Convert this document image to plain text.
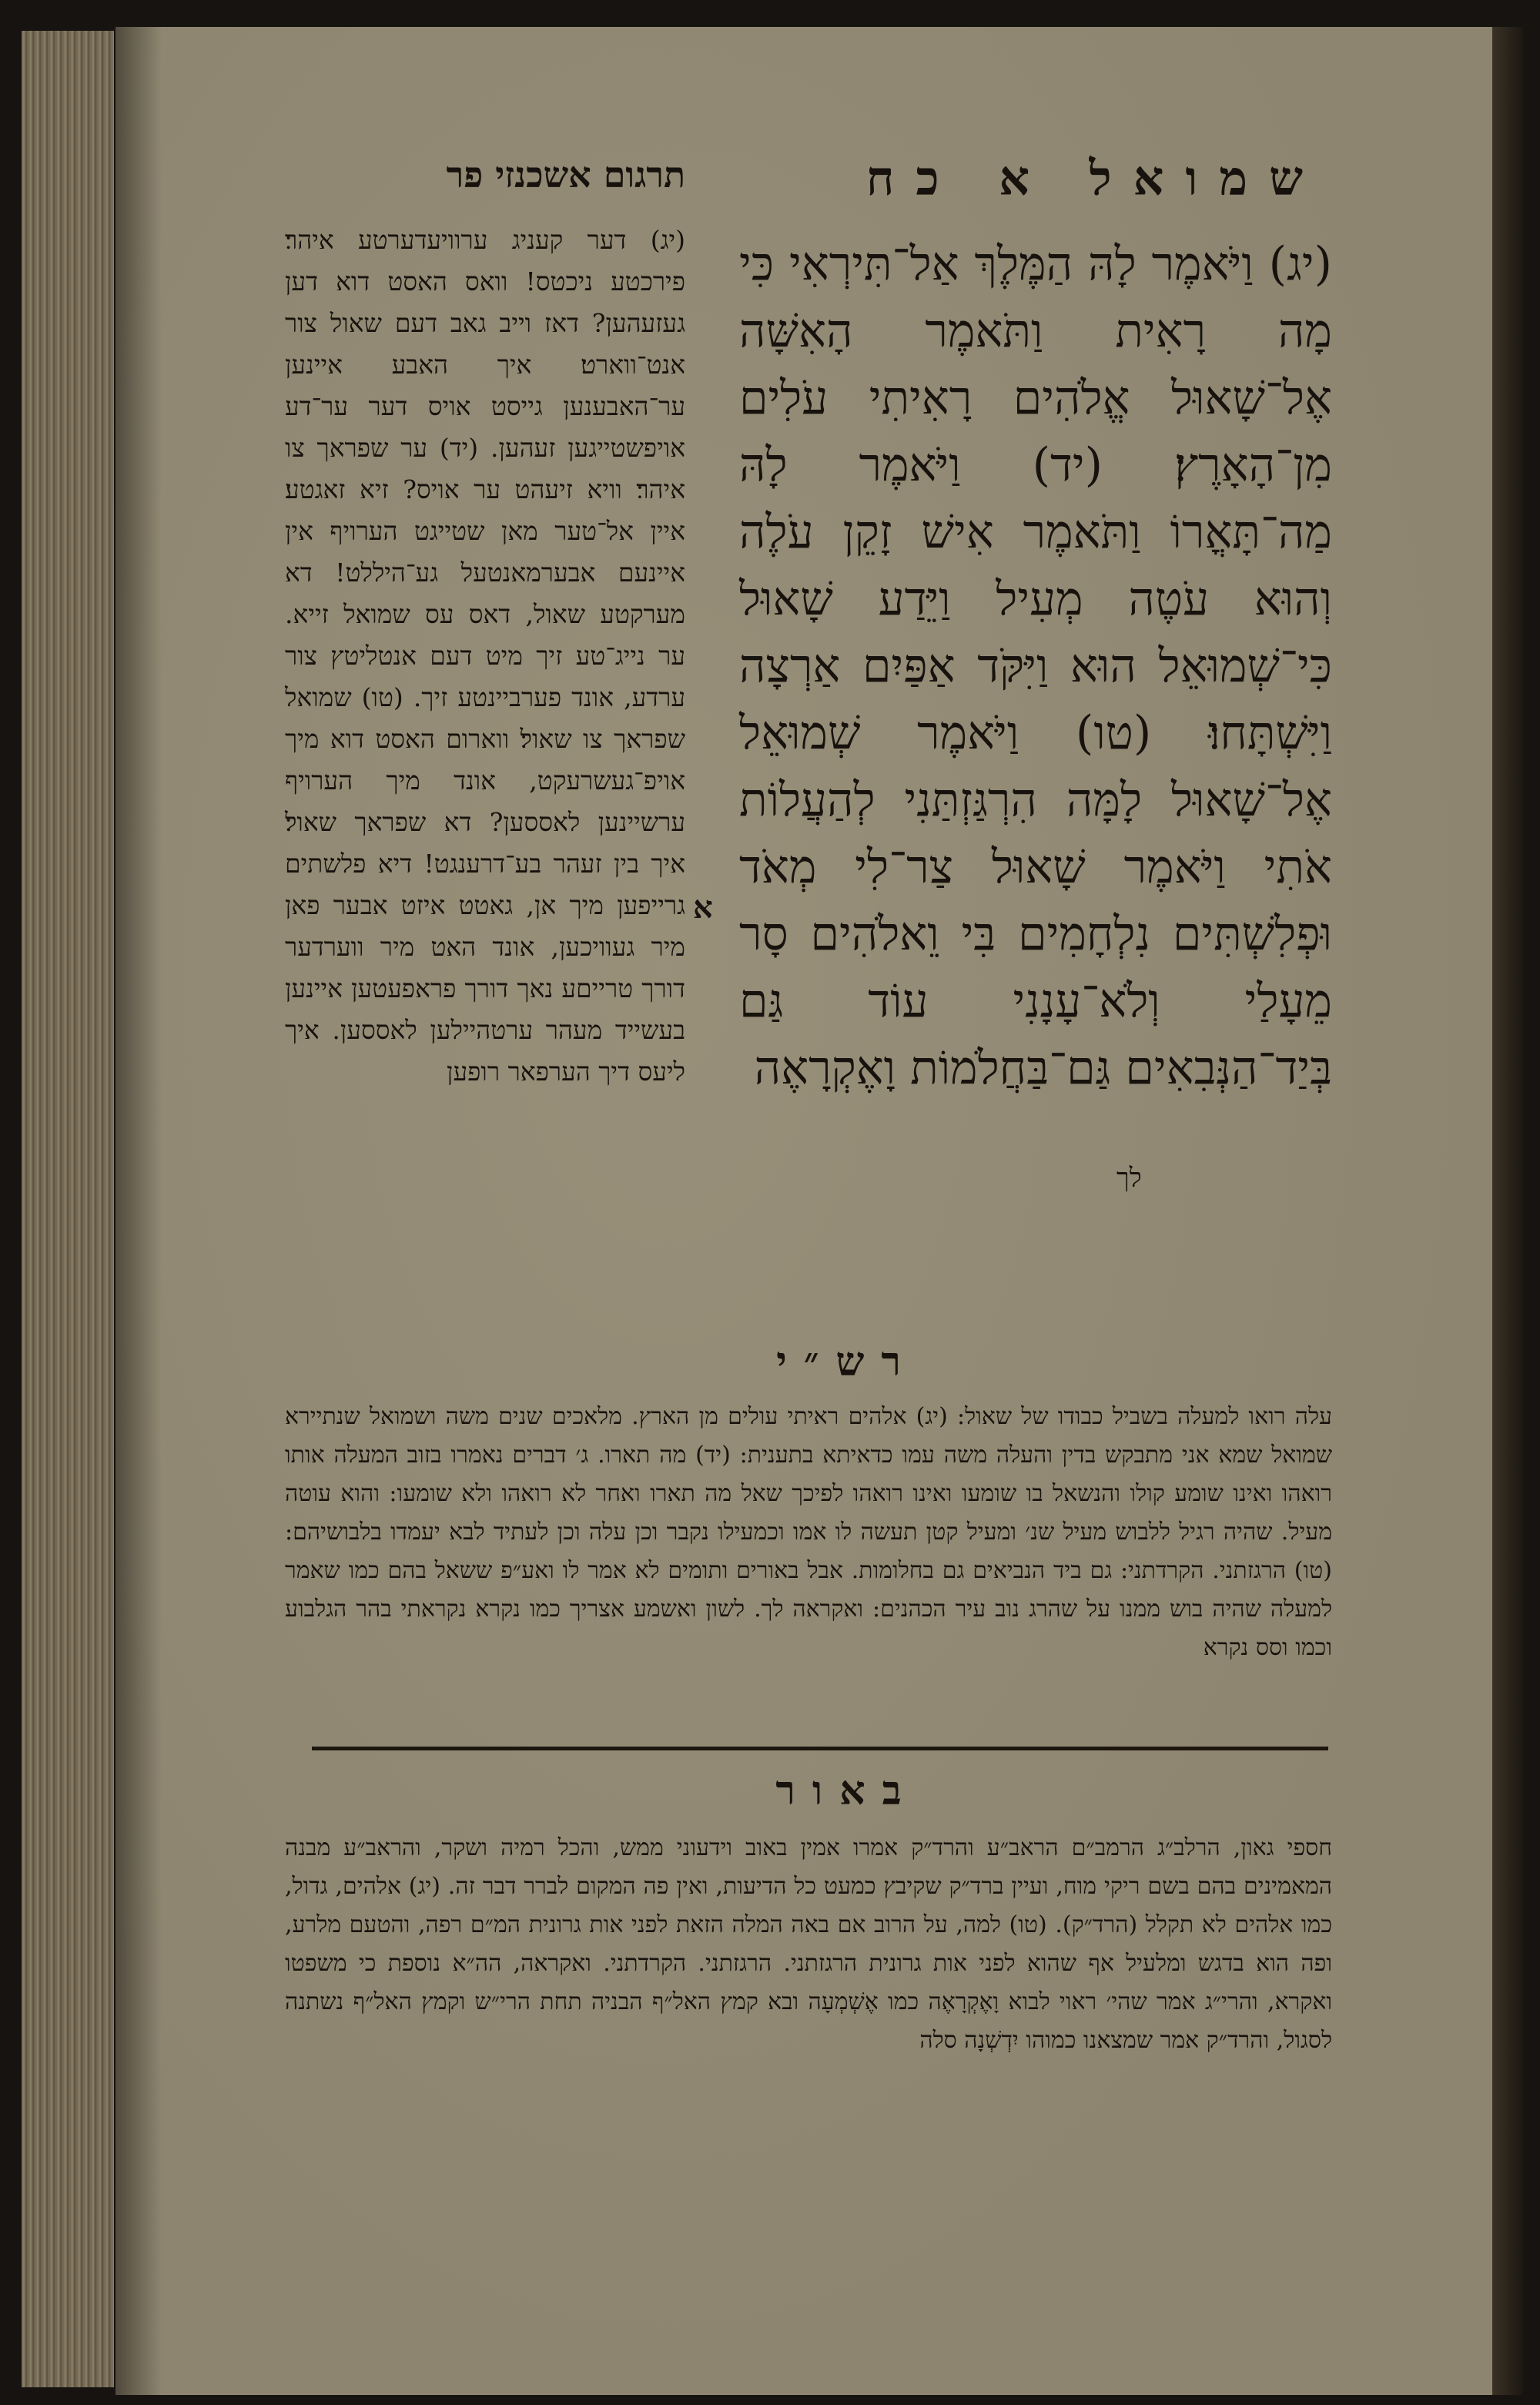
שמואל א כח
תרגום אשכנזי פר
(יג) וַיֹּאמֶר לָהּ הַמֶּלֶךְ אַל־תִּירְאִי כִּי מָה רָאִית וַתֹּאמֶר הָאִשָּׁה אֶל־שָׁאוּל אֱלֹהִים רָאִיתִי עֹלִים מִן־הָאָרֶץ׃ (יד) וַיֹּאמֶר לָהּ מַה־תָּאֳרוֹ וַתֹּאמֶר אִישׁ זָקֵן עֹלֶה וְהוּא עֹטֶה מְעִיל וַיֵּדַע שָׁאוּל כִּי־שְׁמוּאֵל הוּא וַיִּקֹּד אַפַּיִם אַרְצָה וַיִּשְׁתָּחוּ׃ (טו) וַיֹּאמֶר שְׁמוּאֵל אֶל־שָׁאוּל לָמָּה הִרְגַּזְתַּנִי לְהַעֲלוֹת אֹתִי וַיֹּאמֶר שָׁאוּל צַר־לִי מְאֹד וּפְלִשְׁתִּים נִלְחָמִים בִּי וֵאלֹהִים סָר מֵעָלַי וְלֹא־עָנָנִי עוֹד גַּם בְּיַד־הַנְּבִאִים גַּם־בַּחֲלֹמוֹת וָאֶקְרָאֶה
(יג) דער קעניג ערוויעדערטע איהר׃ פירכטע ניכטס! וואס האסט דוא דען געזעהען? דאז וייב גאב דעם שאול צור אנט־ווארט׃ איך האבע איינען ער־האבענען גייסט אויס דער ער־דע אויפשטייגען זעהען. (יד) ער שפראך צו איהר׃ וויא זיעהט ער אויס? זיא זאגטע׃ איין אל־טער מאן שטייגט הערויף אין איינעם אבערמאנטעל גע־היללט! דא מערקטע שאול, דאס עס שמואל זייא. ער נייג־טע זיך מיט דעם אנטליטץ צור ערדע, אונד פערביינטע זיך. (טו) שמואל שפראך צו שאול׃ ווארום האסט דוא מיך אויפ־געשרעקט, אונד מיך הערויף ערשיינען לאססען? דא שפראך שאול׃ איך בין זעהר בע־דרענגט! דיא פלשתים גרייפען מיך אן, גאטט איזט אבער פאן מיר געוויכען, אונד האט מיר ווערדער דורך טרייםע נאך דורך פראפעטען איינען בעשייד מעהר ערטהיילען לאססען. איך ליעס דיך הערפאר רופען
א
לך
רש״י
עלה רואו למעלה בשביל כבודו של שאול: (יג) אלהים ראיתי עולים מן הארץ. מלאכים שנים משה ושמואל שנתיירא שמואל שמא אני מתבקש בדין והעלה משה עמו כדאיתא בתענית: (יד) מה תארו. ג׳ דברים נאמרו בזוב המעלה אותו רואהו ואינו שומע קולו והנשאל בו שומעו ואינו רואהו לפיכך שאל מה תארו ואחר לא רואהו ולא שומעו: והוא עוטה מעיל. שהיה רגיל ללבוש מעיל שנ׳ ומעיל קטן תעשה לו אמו וכמעילו נקבר וכן עלה וכן לעתיד לבא יעמדו בלבושיהם: (טו) הרגזתני. הקרדתני: גם ביד הנביאים גם בחלומות. אבל באורים ותומים לא אמר לו ואע״פ ששאל בהם כמו שאמר למעלה שהיה בוש ממנו על שהרג נוב עיר הכהנים: ואקראה לך. לשון ואשמע אצריך כמו נקרא נקראתי בהר הגלבוע וכמו וסס נקרא
באור
חספי גאון, הרלב״ג הרמב״ם הראב״ע והרד״ק אמרו אמין באוב וידעוני ממש, והכל רמיה ושקר, והראב״ע מבנה המאמינים בהם בשם ריקי מוח, ועיין ברד״ק שקיבץ כמעט כל הדיעות, ואין פה המקום לברר דבר זה. (יג) אלהים, גדול, כמו אלהים לא תקלל (הרד״ק). (טו) למה, על הרוב אם באה המלה הזאת לפני אות גרונית המ״ם רפה, והטעם מלרע, ופה הוא בדגש ומלעיל אף שהוא לפני אות גרונית הרגזתני. הרגזתני. הקרדתני. ואקראה, הה״א נוספת כי משפטו ואקרא, והרי״ג אמר שהי׳ ראוי לבוא וָאֶקְרָאֶה כמו אֶשְׁמְעָה ובא קמץ האל״ף הבניה תחת הרי״ש וקמץ האל״ף נשתנה לסגול, והרד״ק אמר שמצאנו כמוהו יִדְשְׁנָה סלה
